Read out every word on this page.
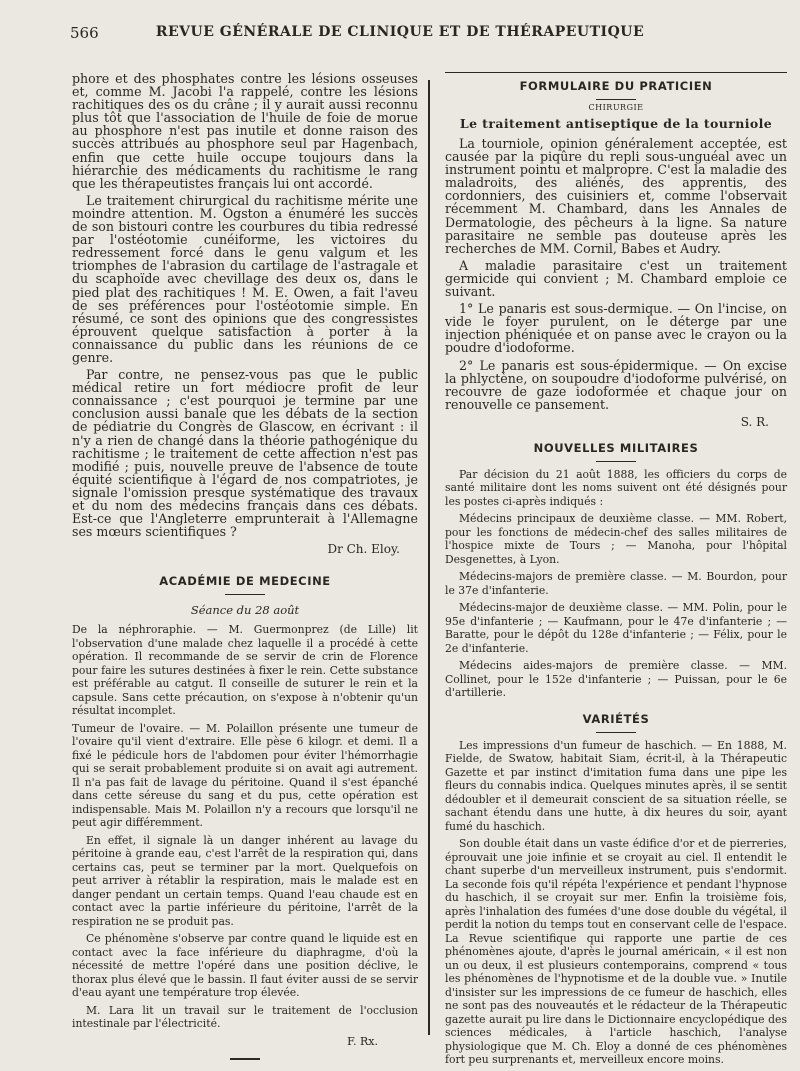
566	REVUE GÉNÉRALE DE CLINIQUE ET DE THÉRAPEUTIQUE

phore et des phosphates contre les lésions osseuses et, comme M. Jacobi l'a rappelé, contre les lésions rachitiques des os du crâne ; il y aurait aussi reconnu plus tôt que l'association de l'huile de foie de morue au phosphore n'est pas inutile et donne raison des succès attribués au phosphore seul par Hagenbach, enfin que cette huile occupe toujours dans la hiérarchie des médicaments du rachitisme le rang que les thérapeutistes français lui ont accordé.

Le traitement chirurgical du rachitisme mérite une moindre attention. M. Ogston a énuméré les succès de son bistouri contre les courbures du tibia redressé par l'ostéotomie cunéiforme, les victoires du redressement forcé dans le genu valgum et les triomphes de l'abrasion du cartilage de l'astragale et du scaphoïde avec chevillage des deux os, dans le pied plat des rachitiques ! M. E. Owen, a fait l'aveu de ses préférences pour l'ostéotomie simple. En résumé, ce sont des opinions que des congressistes éprouvent quelque satisfaction à porter à la connaissance du public dans les réunions de ce genre.

Par contre, ne pensez-vous pas que le public médical retire un fort médiocre profit de leur connaissance ; c'est pourquoi je termine par une conclusion aussi banale que les débats de la section de pédiatrie du Congrès de Glascow, en écrivant : il n'y a rien de changé dans la théorie pathogénique du rachitisme ; le traitement de cette affection n'est pas modifié ; puis, nouvelle preuve de l'absence de toute équité scientifique à l'égard de nos compatriotes, je signale l'omission presque systématique des travaux et du nom des médecins français dans ces débats. Est-ce que l'Angleterre emprunterait à l'Allemagne ses mœurs scientifiques ?

Dr Ch. Eloy.
ACADÉMIE DE MEDECINE
Séance du 28 août

De la néphroraphie. — M. Guermonprez (de Lille) lit l'observation d'une malade chez laquelle il a procédé à cette opération. Il recommande de se servir de crin de Florence pour faire les sutures destinées à fixer le rein. Cette substance est préférable au catgut. Il conseille de suturer le rein et la capsule. Sans cette précaution, on s'expose à n'obtenir qu'un résultat incomplet.

Tumeur de l'ovaire. — M. Polaillon présente une tumeur de l'ovaire qu'il vient d'extraire. Elle pèse 6 kilogr. et demi. Il a fixé le pédicule hors de l'abdomen pour éviter l'hémorrhagie qui se serait probablement produite si on avait agi autrement. Il n'a pas fait de lavage du péritoine. Quand il s'est épanché dans cette séreuse du sang et du pus, cette opération est indispensable. Mais M. Polaillon n'y a recours que lorsqu'il ne peut agir différemment.

En effet, il signale là un danger inhérent au lavage du péritoine à grande eau, c'est l'arrêt de la respiration qui, dans certains cas, peut se terminer par la mort. Quelquefois on peut arriver à rétablir la respiration, mais le malade est en danger pendant un certain temps. Quand l'eau chaude est en contact avec la partie inférieure du péritoine, l'arrêt de la respiration ne se produit pas.

Ce phénomène s'observe par contre quand le liquide est en contact avec la face inférieure du diaphragme, d'où la nécessité de mettre l'opéré dans une position déclive, le thorax plus élevé que le bassin. Il faut éviter aussi de se servir d'eau ayant une température trop élevée.

M. Lara lit un travail sur le traitement de l'occlusion intestinale par l'électricité.

F. Rx.
FORMULAIRE DU PRATICIEN
CHIRURGIE
Le traitement antiseptique de la tourniole

La tourniole, opinion généralement acceptée, est causée par la piqûre du repli sous-unguéal avec un instrument pointu et malpropre. C'est la maladie des maladroits, des aliénés, des apprentis, des cordonniers, des cuisiniers et, comme l'observait récemment M. Chambard, dans les Annales de Dermatologie, des pêcheurs à la ligne. Sa nature parasitaire ne semble pas douteuse après les recherches de MM. Cornil, Babes et Audry.

A maladie parasitaire c'est un traitement germicide qui convient ; M. Chambard emploie ce suivant.

1° Le panaris est sous-dermique. — On l'incise, on vide le foyer purulent, on le déterge par une injection phéniquée et on panse avec le crayon ou la poudre d'iodoforme.

2° Le panaris est sous-épidermique. — On excise la phlyctène, on soupoudre d'iodoforme pulvérisé, on recouvre de gaze iodoformée et chaque jour on renouvelle ce pansement.

S. R.
NOUVELLES MILITAIRES

Par décision du 21 août 1888, les officiers du corps de santé militaire dont les noms suivent ont été désignés pour les postes ci-après indiqués :

Médecins principaux de deuxième classe. — MM. Robert, pour les fonctions de médecin-chef des salles militaires de l'hospice mixte de Tours ; — Manoha, pour l'hôpital Desgenettes, à Lyon.

Médecins-majors de première classe. — M. Bourdon, pour le 37e d'infanterie.

Médecins-major de deuxième classe. — MM. Polin, pour le 95e d'infanterie ; — Kaufmann, pour le 47e d'infanterie ; — Baratte, pour le dépôt du 128e d'infanterie ; — Félix, pour le 2e d'infanterie.

Médecins aides-majors de première classe. — MM. Collinet, pour le 152e d'infanterie ; — Puissan, pour le 6e d'artillerie.

VARIÉTÉS

Les impressions d'un fumeur de haschich. — En 1888, M. Fielde, de Swatow, habitait Siam, écrit-il, à la Thérapeutic Gazette et par instinct d'imitation fuma dans une pipe les fleurs du connabis indica. Quelques minutes après, il se sentit dédoubler et il demeurait conscient de sa situation réelle, se sachant étendu dans une hutte, à dix heures du soir, ayant fumé du haschich.

Son double était dans un vaste édifice d'or et de pierreries, éprouvait une joie infinie et se croyait au ciel. Il entendit le chant superbe d'un merveilleux instrument, puis s'endormit. La seconde fois qu'il répéta l'expérience et pendant l'hypnose du haschich, il se croyait sur mer. Enfin la troisième fois, après l'inhalation des fumées d'une dose double du végétal, il perdit la notion du temps tout en conservant celle de l'espace. La Revue scientifique qui rapporte une partie de ces phénomènes ajoute, d'après le journal américain, « il est non un ou deux, il est plusieurs contemporains, comprend « tous les phénomènes de l'hypnotisme et de la double vue. » Inutile d'insister sur les impressions de ce fumeur de haschich, elles ne sont pas des nouveautés et le rédacteur de la Thérapeutic gazette aurait pu lire dans le Dictionnaire encyclopédique des sciences médicales, à l'article haschich, l'analyse physiologique que M. Ch. Eloy a donné de ces phénomènes fort peu surprenants et, merveilleux encore moins.
